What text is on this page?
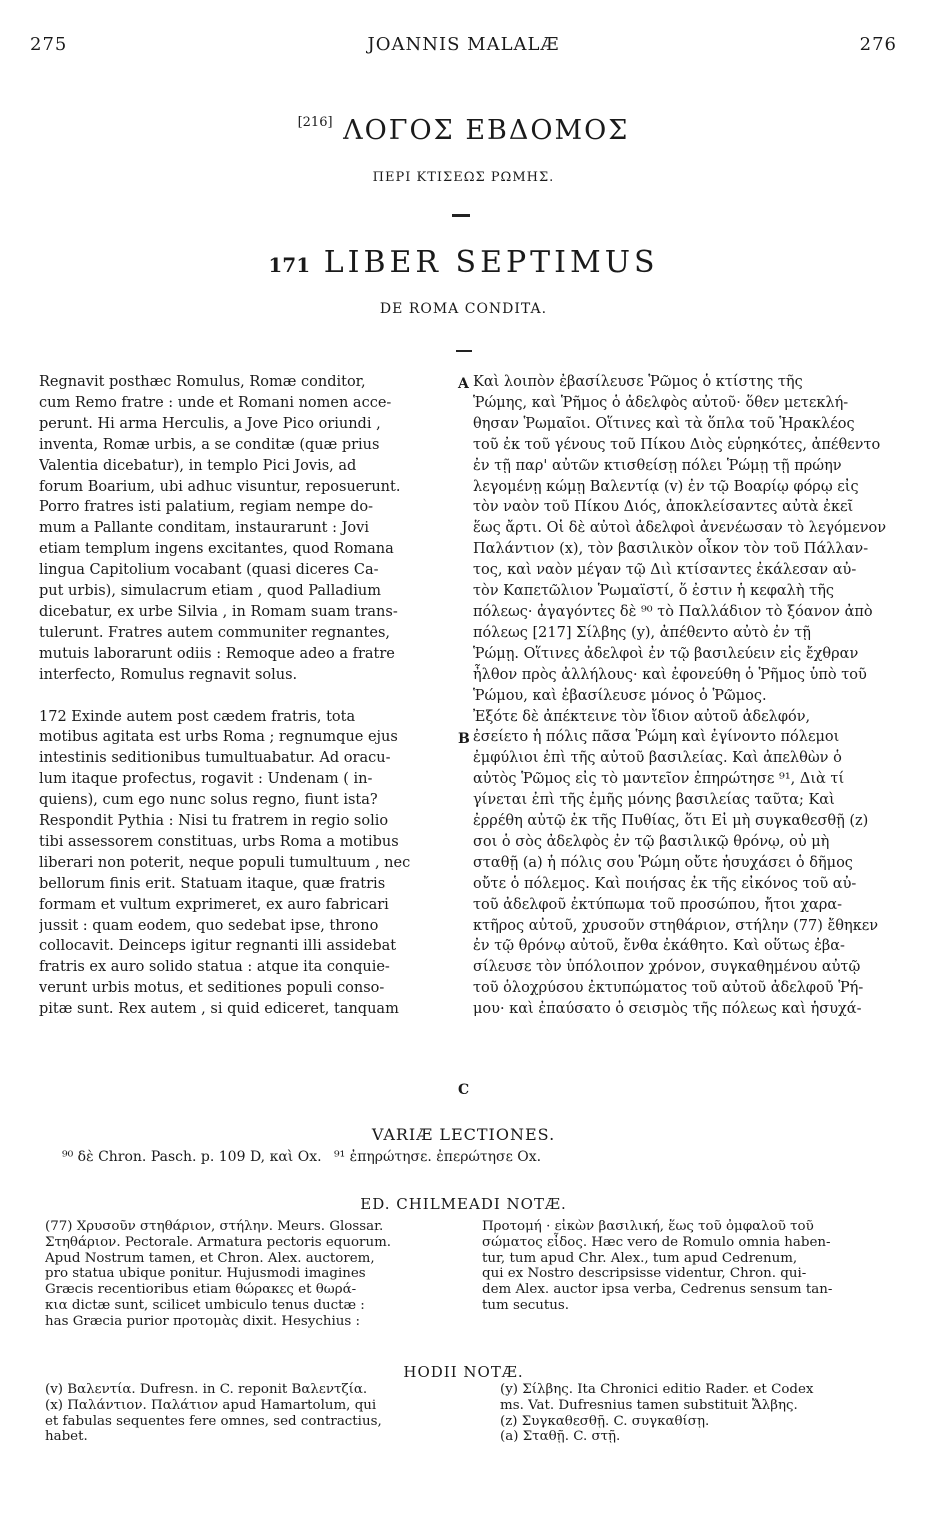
275	JOANNIS MALALÆ	276
[216] ΛΟΓΟΣ ΕΒΔΟΜΟΣ
ΠΕΡΙ ΚΤΙΣΕΩΣ ΡΩΜΗΣ.
171 LIBER SEPTIMUS
DE ROMA CONDITA.
Regnavit posthæc Romulus, Romæ conditor,
cum Remo fratre : unde et Romani nomen acce-
perunt. Hi arma Herculis, a Jove Pico oriundi ,
inventa, Romæ urbis, a se conditæ (quæ prius
Valentia dicebatur), in templo Pici Jovis, ad
forum Boarium, ubi adhuc visuntur, reposuerunt.
Porro fratres isti palatium, regiam nempe do-
mum a Pallante conditam, instaurarunt : Jovi
etiam templum ingens excitantes, quod Romana
lingua Capitolium vocabant (quasi diceres Ca-
put urbis), simulacrum etiam , quod Palladium
dicebatur, ex urbe Silvia , in Romam suam trans-
tulerunt. Fratres autem communiter regnantes,
mutuis laborarunt odiis : Remoque adeo a fratre
interfecto, Romulus regnavit solus.

172 Exinde autem post cædem fratris, tota
motibus agitata est urbs Roma ; regnumque ejus
intestinis seditionibus tumultuabatur. Ad oracu-
lum itaque profectus, rogavit : Undenam ( in-
quiens), cum ego nunc solus regno, fiunt ista?
Respondit Pythia : Nisi tu fratrem in regio solio
tibi assessorem constituas, urbs Roma a motibus
liberari non poterit, neque populi tumultuum , nec
bellorum finis erit. Statuam itaque, quæ fratris
formam et vultum exprimeret, ex auro fabricari
jussit : quam eodem, quo sedebat ipse, throno
collocavit. Deinceps igitur regnanti illi assidebat
fratris ex auro solido statua : atque ita conquie-
verunt urbis motus, et seditiones populi conso-
pitæ sunt. Rex autem , si quid ediceret, tanquam
A
B
C
Καὶ λοιπὸν ἐβασίλευσε Ῥῶμος ὁ κτίστης τῆς
Ῥώμης, καὶ Ῥῆμος ὁ ἀδελφὸς αὐτοῦ· ὅθεν μετεκλή-
θησαν Ῥωμαῖοι. Οἵτινες καὶ τὰ ὅπλα τοῦ Ἡρακλέος
τοῦ ἐκ τοῦ γένους τοῦ Πίκου Διὸς εὑρηκότες, ἀπέθεντο
ἐν τῇ παρ' αὐτῶν κτισθείσῃ πόλει Ῥώμῃ τῇ πρώην
λεγομένῃ κώμῃ Βαλεντίᾳ (v) ἐν τῷ Βοαρίῳ φόρῳ εἰς
τὸν ναὸν τοῦ Πίκου Διός, ἀποκλείσαντες αὐτὰ ἐκεῖ
ἕως ἄρτι. Οἱ δὲ αὐτοὶ ἀδελφοὶ ἀνενέωσαν τὸ λεγόμενον
Παλάντιον (x), τὸν βασιλικὸν οἶκον τὸν τοῦ Πάλλαν-
τος, καὶ ναὸν μέγαν τῷ Διὶ κτίσαντες ἐκάλεσαν αὐ-
τὸν Καπετῶλιον Ῥωμαϊστί, ὅ ἐστιν ἡ κεφαλὴ τῆς
πόλεως· ἀγαγόντες δὲ ⁹⁰ τὸ Παλλάδιον τὸ ξόανον ἀπὸ
πόλεως [217] Σίλβης (y), ἀπέθεντο αὐτὸ ἐν τῇ
Ῥώμῃ. Οἵτινες ἀδελφοὶ ἐν τῷ βασιλεύειν εἰς ἔχθραν
ἦλθον πρὸς ἀλλήλους· καὶ ἐφονεύθη ὁ Ῥῆμος ὑπὸ τοῦ
Ῥώμου, καὶ ἐβασίλευσε μόνος ὁ Ῥῶμος.
Ἐξότε δὲ ἀπέκτεινε τὸν ἴδιον αὐτοῦ ἀδελφόν,
ἐσείετο ἡ πόλις πᾶσα Ῥώμη καὶ ἐγίνοντο πόλεμοι
ἐμφύλιοι ἐπὶ τῆς αὐτοῦ βασιλείας. Καὶ ἀπελθὼν ὁ
αὐτὸς Ῥῶμος εἰς τὸ μαντεῖον ἐπηρώτησε ⁹¹, Διὰ τί
γίνεται ἐπὶ τῆς ἐμῆς μόνης βασιλείας ταῦτα; Καὶ
ἐρρέθη αὐτῷ ἐκ τῆς Πυθίας, ὅτι Εἰ μὴ συγκαθεσθῇ (z)
σοι ὁ σὸς ἀδελφὸς ἐν τῷ βασιλικῷ θρόνῳ, οὐ μὴ
σταθῇ (a) ἡ πόλις σου Ῥώμη οὔτε ἡσυχάσει ὁ δῆμος
οὔτε ὁ πόλεμος. Καὶ ποιήσας ἐκ τῆς εἰκόνος τοῦ αὐ-
τοῦ ἀδελφοῦ ἐκτύπωμα τοῦ προσώπου, ἤτοι χαρα-
κτῆρος αὐτοῦ, χρυσοῦν στηθάριον, στήλην (77) ἔθηκεν
ἐν τῷ θρόνῳ αὐτοῦ, ἔνθα ἐκάθητο. Καὶ οὕτως ἐβα-
σίλευσε τὸν ὑπόλοιπον χρόνον, συγκαθημένου αὐτῷ
τοῦ ὁλοχρύσου ἐκτυπώματος τοῦ αὐτοῦ ἀδελφοῦ Ῥή-
μου· καὶ ἐπαύσατο ὁ σεισμὸς τῆς πόλεως καὶ ἡσυχά-
VARIÆ LECTIONES.
⁹⁰ δὲ Chron. Pasch. p. 109 D, καὶ Ox. ⁹¹ ἐπηρώτησε. ἐπερώτησε Ox.
ED. CHILMEADI NOTÆ.
(77) Χρυσοῦν στηθάριον, στήλην. Meurs. Glossar.
Στηθάριον. Pectorale. Armatura pectoris equorum.
Apud Nostrum tamen, et Chron. Alex. auctorem,
pro statua ubique ponitur. Hujusmodi imagines
Græcis recentioribus etiam θώρακες et θωρά-
κια dictæ sunt, scilicet umbiculo tenus ductæ :
has Græcia purior προτομὰς dixit. Hesychius :
Προτομή · εἰκὼν βασιλική, ἕως τοῦ ὀμφαλοῦ τοῦ
σώματος εἶδος. Hæc vero de Romulo omnia haben-
tur, tum apud Chr. Alex., tum apud Cedrenum,
qui ex Nostro descripsisse videntur, Chron. qui-
dem Alex. auctor ipsa verba, Cedrenus sensum tan-
tum secutus.
HODII NOTÆ.
(v) Βαλεντία. Dufresn. in C. reponit Βαλεντζία.
(x) Παλάντιον. Παλάτιον apud Hamartolum, qui
et fabulas sequentes fere omnes, sed contractius,
habet.
(y) Σίλβης. Ita Chronici editio Rader. et Codex
ms. Vat. Dufresnius tamen substituit Ἄλβης.
(z) Συγκαθεσθῇ. C. συγκαθίσῃ.
(a) Σταθῇ. C. στῇ.
